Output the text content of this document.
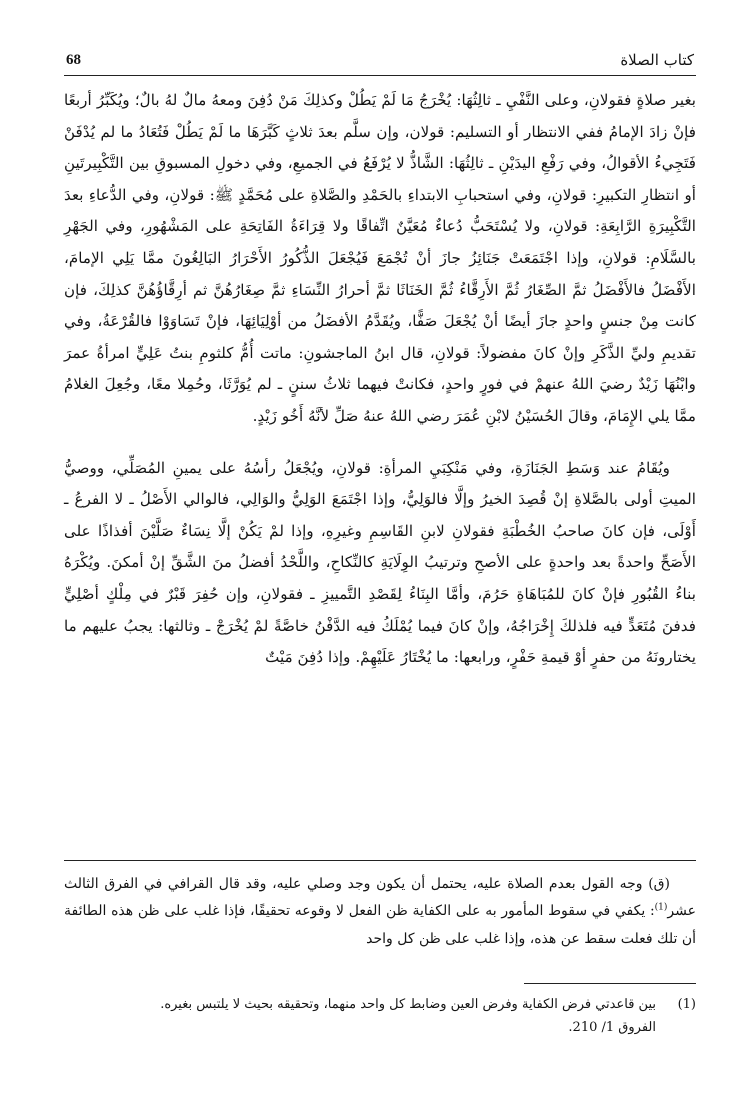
كتاب الصلاة
68

بغير صلاةٍ فقولانِ، وعلى النَّفْيِ ـ ثالِثُهَا: يُخْرَجُ مَا لَمْ يَطُلْ وكذلِكَ مَنْ دُفِنَ ومعهُ مالٌ لهُ بالٌ؛ ويُكَبِّرُ أربعًا فإنْ زادَ الإمامُ ففي الانتظار أو التسليم: قولان، وإن سلَّم بعدَ ثلاثٍ كَبَّرَهَا ما لَمْ يَطُلْ فَتُعَادُ ما لم يُدْفَنْ فَتَجِيءُ الأقوالُ، وفي رَفْعِ اليدَيْنِ ـ ثالِثُهَا: الشَّاذُّ لا يُرْفَعُ في الجميعِ، وفي دخولِ المسبوقِ بين التَّكْبِيرتَينِ أو انتظارِ التكبيرِ: قولانِ، وفي استحبابِ الابتداءِ بالحَمْدِ والصَّلاةِ على مُحَمَّدٍ ﷺ: قولانِ، وفي الدُّعاءِ بعدَ التَّكْبِيرَةِ الرَّابِعَةِ: قولانِ، ولا يُسْتَحَبُّ دُعاءٌ مُعَيَّنٌ اتِّفاقًا ولا قِرَاءَةُ الفَاتِحَةِ على المَشْهُورِ، وفي الجَهْرِ بالسَّلَامِ: قولانِ، وإذا اجْتَمَعَتْ جَنَائِزُ جازَ أنْ تُجْمَعَ فَيُجْعَلَ الذُّكُورُ الأَحْرَارُ البَالِغُونَ ممَّا يَلِي الإمامَ، الأَفْضَلُ فالأَفْضَلُ ثمَّ الصِّغَارُ ثُمَّ الأَرِقَّاءُ ثُمَّ الخَنَاثَا ثمَّ أحرارُ النِّسَاءِ ثمَّ صِغَارُهُنَّ ثم أرِقَّاؤُهُنَّ كذلِكَ، فإن كانت مِنْ جنسٍ واحدٍ جازَ أيضًا أنْ يُجْعَلَ صَفًّا، ويُقَدَّمُ الأفضَلُ من أوْلِيَائِهَا، فإنْ تَسَاوَوْا فالقُرْعَةُ، وفي تقديمِ وليِّ الذَّكَرِ وإنْ كانَ مفضولاً: قولانِ، قال ابنُ الماجشونِ: ماتت أُمُّ كلثومِ بنتُ عَلِيٍّ امرأةُ عمرَ وابْنُهَا زَيْدٌ رضيَ اللهُ عنهمْ في فورٍ واحدٍ، فكانتْ فيهما ثلاثُ سننٍ ـ لم يُوَرَّثَا، وحُمِلا معًا، وجُعِلَ الغلامُ ممَّا يلي الإِمَامَ، وقالَ الحُسَيْنُ لابْنِ عُمَرَ رضي اللهُ عنهُ صَلِّ لأنَّهُ أَخُو زَيْدٍ.

ويُقَامُ عند وَسَطِ الجَنَازَةِ، وفي مَنْكِبَيِ المرأةِ: قولانِ، ويُجْعَلُ رأسُهُ على يمينِ المُصَلِّي، ووصيُّ الميتِ أولى بالصَّلاةِ إنْ قُصِدَ الخيرُ وإلَّا فالوَلِيُّ، وإذا اجْتَمَعَ الوَلِيُّ والوَالِي، فالوالي الأَصْلُ ـ لا الفرعُ ـ أَوْلَى، فإن كانَ صاحبُ الخُطْبَةِ فقولانِ لابنِ القَاسِمِ وغيرِهِ، وإذا لمْ يَكُنْ إلَّا نِسَاءٌ صَلَّيْنَ أفذاذًا على الأَصَحِّ واحدةً بعد واحدةٍ على الأصحِ وترتيبُ الوِلَايَةِ كالنِّكاحِ، واللَّحْدُ أفضلُ منَ الشَّقِّ إنْ أمكنَ. ويُكْرَهُ بناءُ القُبُورِ فإنْ كانَ للمُبَاهَاةِ حَرُمَ، وأمَّا البِنَاءُ لِقَصْدِ التَّمييزِ ـ فقولانِ، وإن حُفِرَ قَبْرٌ في مِلْكٍ أصْلِيٍّ فدفنَ مُتَعَدٍّ فيه فلذلكَ إِخْرَاجُهُ، وإنْ كانَ فيما يُمْلَكُ فيه الدَّفْنُ خاصَّةً لمْ يُخْرَجْ ـ وثالثها: يجبُ عليهم ما يختارونَهُ من حفرٍ أوْ قيمةِ حَفْرٍ، ورابعها: ما يُخْتَارُ عَلَيْهِمْ. وإذا دُفِنَ مَيْتٌ

(ق) وجه القول بعدم الصلاة عليه، يحتمل أن يكون وجد وصلي عليه، وقد قال القرافي في الفرق الثالث عشر$^{(1)}$: يكفي في سقوط المأمور به على الكفاية ظن الفعل لا وقوعه تحقيقًا، فإذا غلب على ظن هذه الطائفة أن تلك فعلت سقط عن هذه، وإذا غلب على ظن كل واحد

(1)
بين قاعدتي فرض الكفاية وفرض العين وضابط كل واحد منهما، وتحقيقه بحيث لا يلتبس بغيره.
الفروق 1/ 210.
